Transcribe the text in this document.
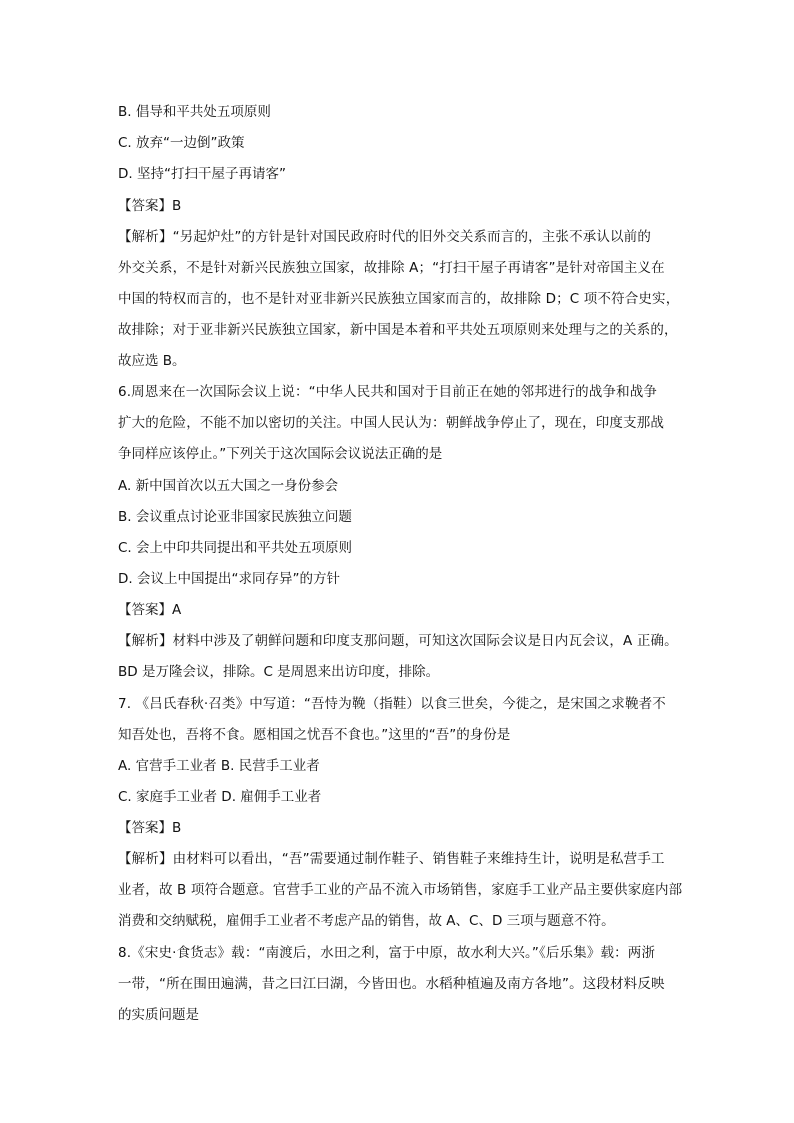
B. 倡导和平共处五项原则
C. 放弃“一边倒”政策
D. 坚持“打扫干屋子再请客”
【答案】B
【解析】“另起炉灶”的方针是针对国民政府时代的旧外交关系而言的，主张不承认以前的
外交关系，不是针对新兴民族独立国家，故排除 A；“打扫干屋子再请客”是针对帝国主义在
中国的特权而言的，也不是针对亚非新兴民族独立国家而言的，故排除 D；C 项不符合史实，
故排除；对于亚非新兴民族独立国家，新中国是本着和平共处五项原则来处理与之的关系的，
故应选 B。
6.周恩来在一次国际会议上说：“中华人民共和国对于目前正在她的邻邦进行的战争和战争
扩大的危险，不能不加以密切的关注。中国人民认为：朝鲜战争停止了，现在，印度支那战
争同样应该停止。”下列关于这次国际会议说法正确的是
A. 新中国首次以五大国之一身份参会
B. 会议重点讨论亚非国家民族独立问题
C. 会上中印共同提出和平共处五项原则
D. 会议上中国提出“求同存异”的方针
【答案】A
【解析】材料中涉及了朝鲜问题和印度支那问题，可知这次国际会议是日内瓦会议，A 正确。
BD 是万隆会议，排除。C 是周恩来出访印度，排除。
7. 《吕氏春秋·召类》中写道：“吾恃为鞔（指鞋）以食三世矣，今徙之，是宋国之求鞔者不
知吾处也，吾将不食。愿相国之忧吾不食也。”这里的“吾”的身份是
A. 官营手工业者 B. 民营手工业者
C. 家庭手工业者 D. 雇佣手工业者
【答案】B
【解析】由材料可以看出，“吾”需要通过制作鞋子、销售鞋子来维持生计，说明是私营手工
业者，故 B 项符合题意。官营手工业的产品不流入市场销售，家庭手工业产品主要供家庭内部
消费和交纳赋税，雇佣手工业者不考虑产品的销售，故 A、C、D 三项与题意不符。
8.《宋史·食货志》载：“南渡后，水田之利，富于中原，故水利大兴。”《后乐集》载：两浙
一带，“所在围田遍满，昔之曰江曰湖，今皆田也。水稻种植遍及南方各地”。这段材料反映
的实质问题是
